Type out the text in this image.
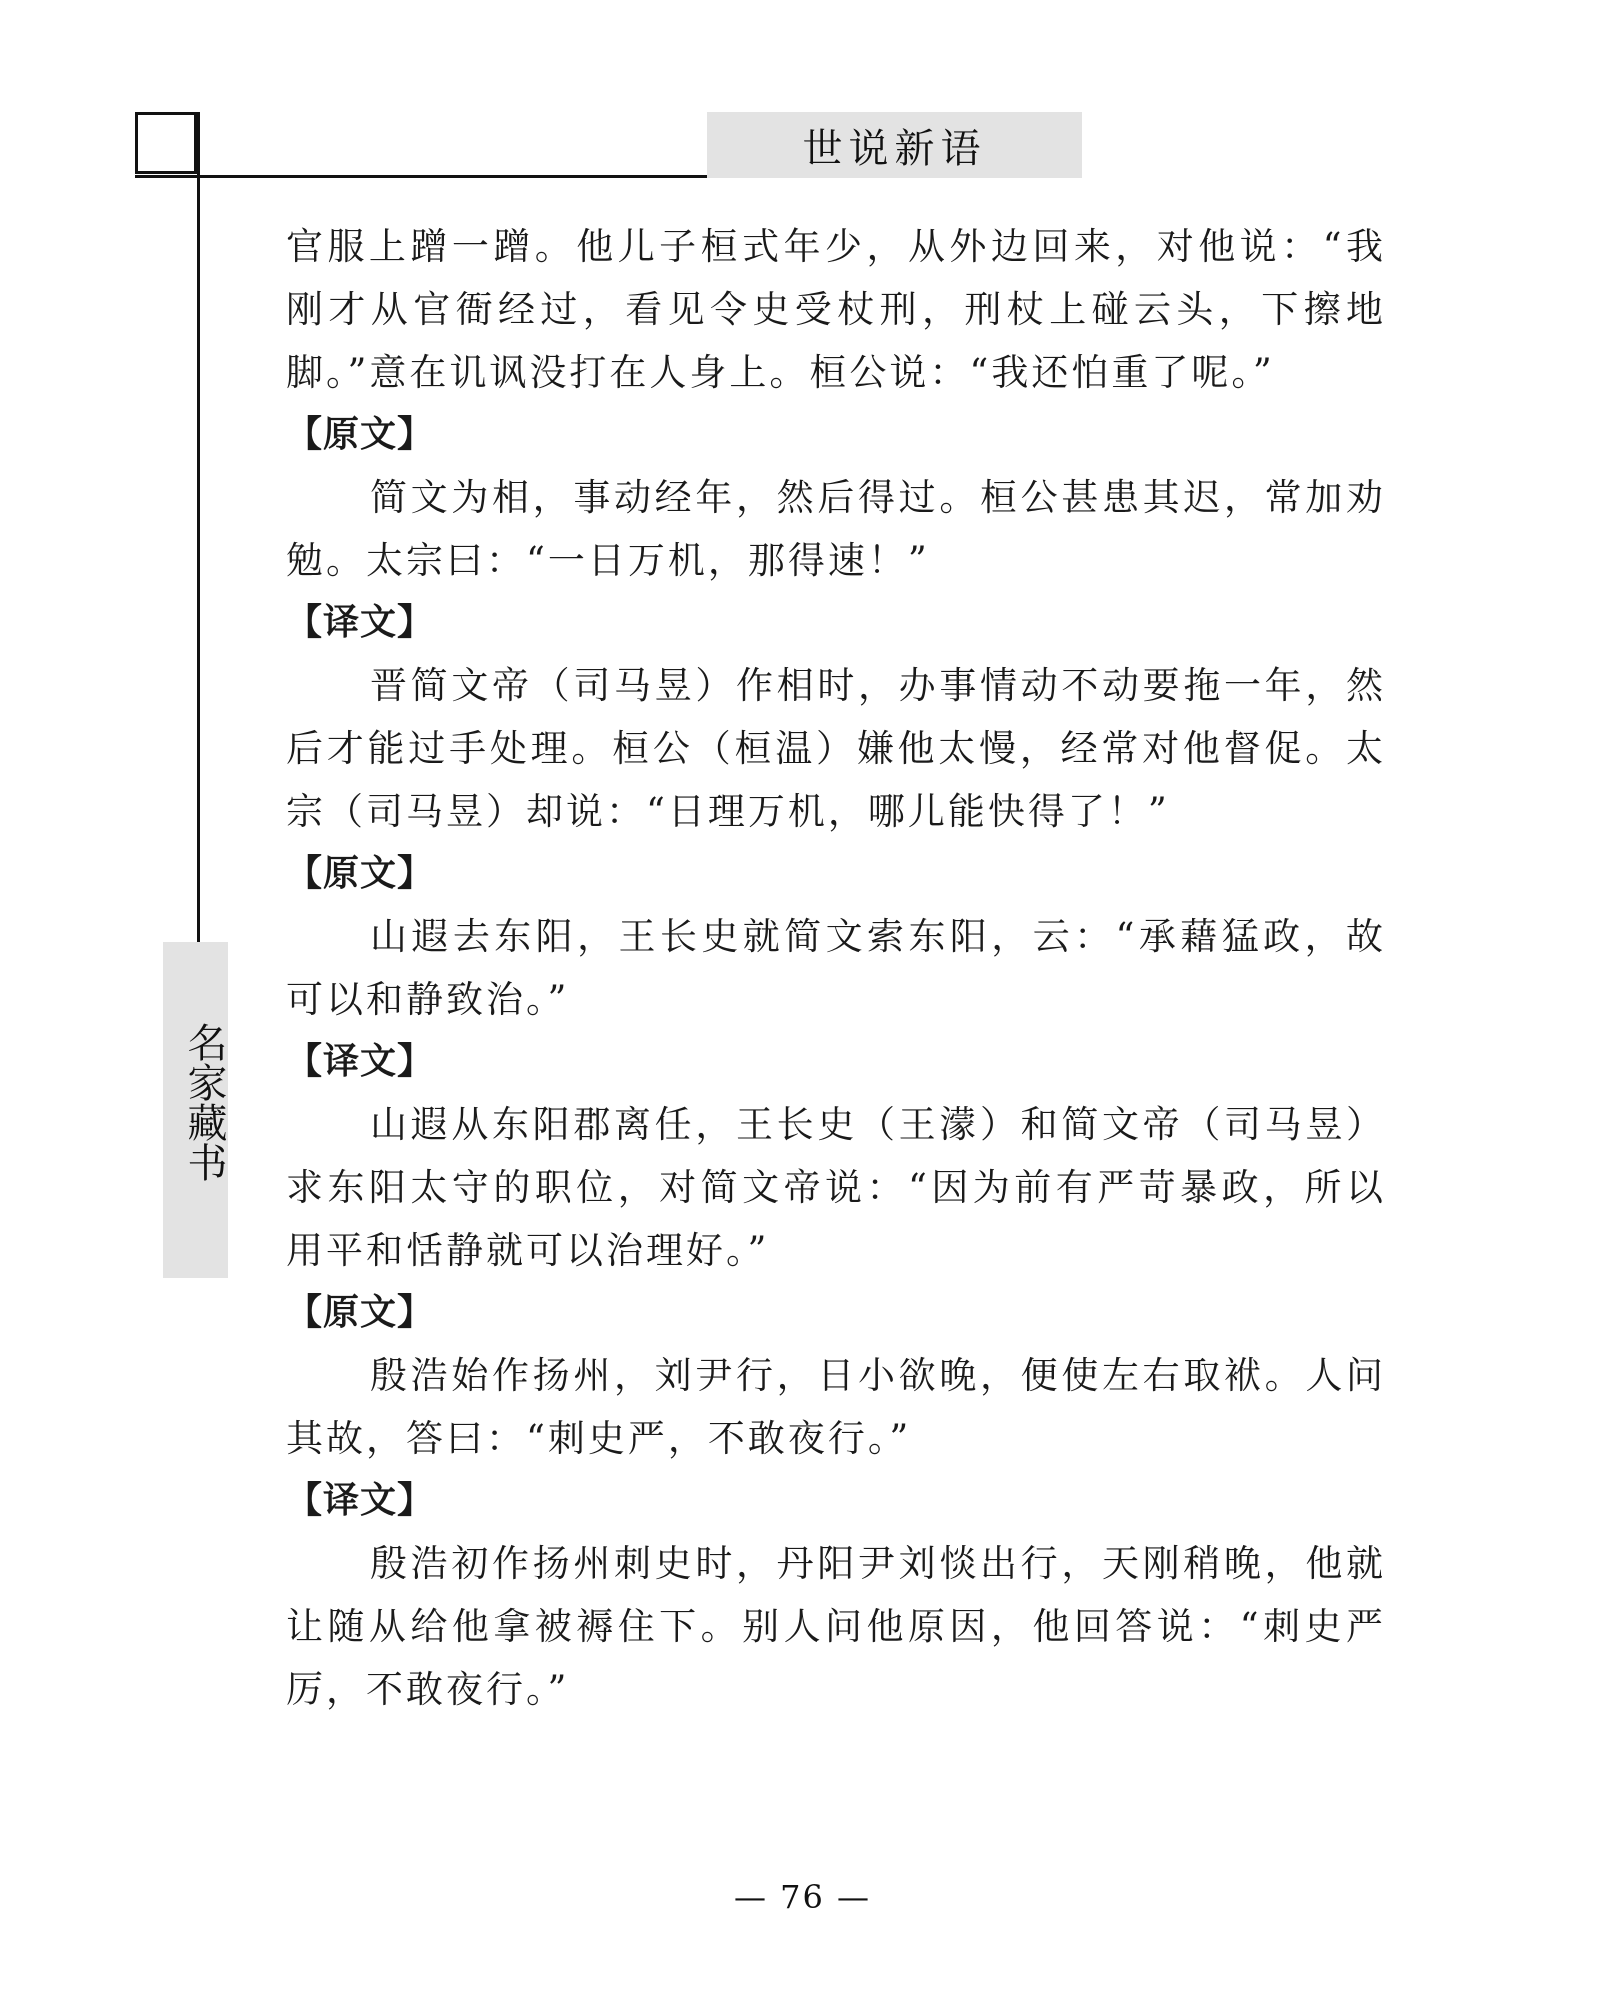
世说新语
名家藏书

官服上蹭一蹭。他儿子桓式年少，从外边回来，对他说：“我刚才从官衙经过，看见令史受杖刑，刑杖上碰云头，下擦地脚。”意在讥讽没打在人身上。桓公说：“我还怕重了呢。”

【原文】

简文为相，事动经年，然后得过。桓公甚患其迟，常加劝勉。太宗曰：“一日万机，那得速！”

【译文】

晋简文帝（司马昱）作相时，办事情动不动要拖一年，然后才能过手处理。桓公（桓温）嫌他太慢，经常对他督促。太宗（司马昱）却说：“日理万机，哪儿能快得了！”

【原文】

山遐去东阳，王长史就简文索东阳，云：“承藉猛政，故可以和静致治。”

【译文】

山遐从东阳郡离任，王长史（王濛）和简文帝（司马昱）求东阳太守的职位，对简文帝说：“因为前有严苛暴政，所以用平和恬静就可以治理好。”

【原文】

殷浩始作扬州，刘尹行，日小欲晚，便使左右取袱。人问其故，答曰：“刺史严，不敢夜行。”

【译文】

殷浩初作扬州刺史时，丹阳尹刘惔出行，天刚稍晚，他就让随从给他拿被褥住下。别人问他原因，他回答说：“刺史严厉，不敢夜行。”

— 76 —
